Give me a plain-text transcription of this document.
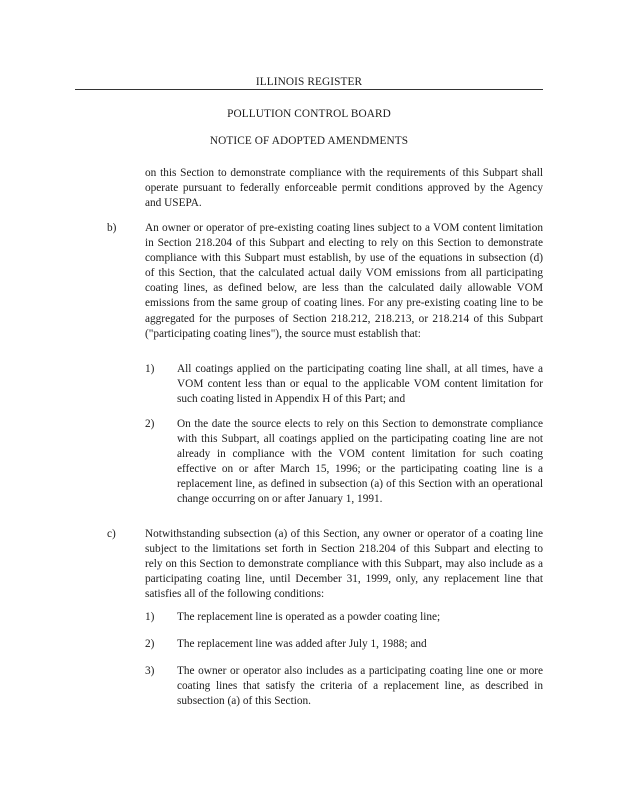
ILLINOIS REGISTER
POLLUTION CONTROL BOARD
NOTICE OF ADOPTED AMENDMENTS
on this Section to demonstrate compliance with the requirements of this Subpart shall operate pursuant to federally enforceable permit conditions approved by the Agency and USEPA.
b)	An owner or operator of pre-existing coating lines subject to a VOM content limitation in Section 218.204 of this Subpart and electing to rely on this Section to demonstrate compliance with this Subpart must establish, by use of the equations in subsection (d) of this Section, that the calculated actual daily VOM emissions from all participating coating lines, as defined below, are less than the calculated daily allowable VOM emissions from the same group of coating lines. For any pre-existing coating line to be aggregated for the purposes of Section 218.212, 218.213, or 218.214 of this Subpart ("participating coating lines"), the source must establish that:
1) All coatings applied on the participating coating line shall, at all times, have a VOM content less than or equal to the applicable VOM content limitation for such coating listed in Appendix H of this Part; and
2) On the date the source elects to rely on this Section to demonstrate compliance with this Subpart, all coatings applied on the participating coating line are not already in compliance with the VOM content limitation for such coating effective on or after March 15, 1996; or the participating coating line is a replacement line, as defined in subsection (a) of this Section with an operational change occurring on or after January 1, 1991.
c)	Notwithstanding subsection (a) of this Section, any owner or operator of a coating line subject to the limitations set forth in Section 218.204 of this Subpart and electing to rely on this Section to demonstrate compliance with this Subpart, may also include as a participating coating line, until December 31, 1999, only, any replacement line that satisfies all of the following conditions:
1) The replacement line is operated as a powder coating line;
2) The replacement line was added after July 1, 1988; and
3) The owner or operator also includes as a participating coating line one or more coating lines that satisfy the criteria of a replacement line, as described in subsection (a) of this Section.
